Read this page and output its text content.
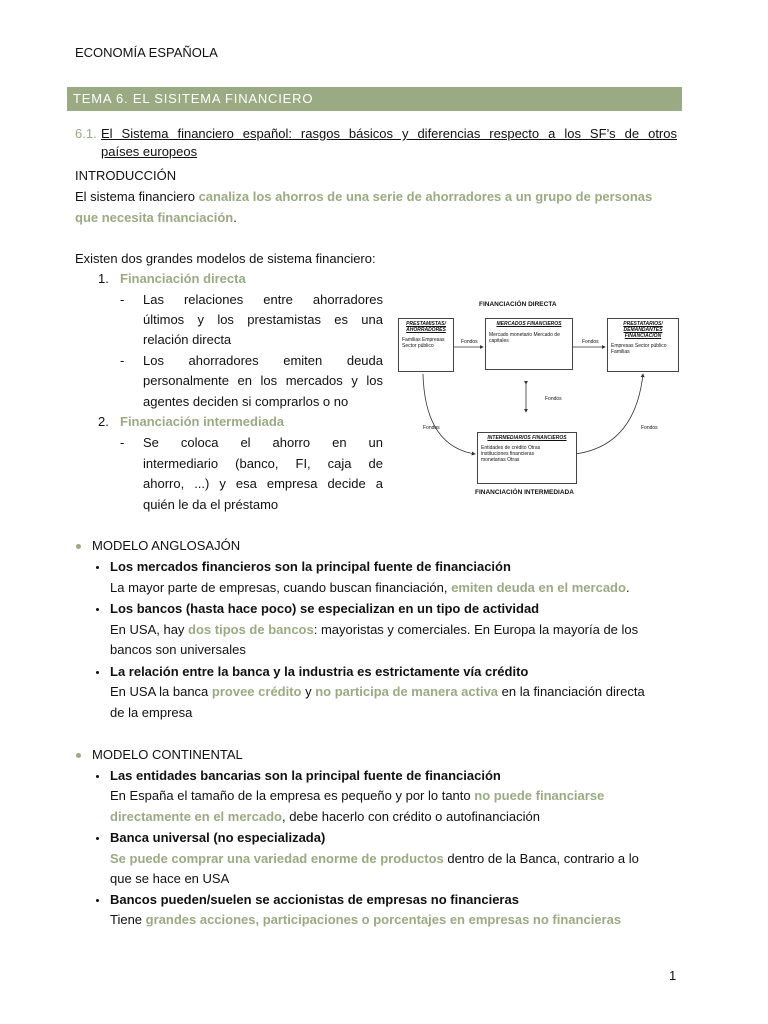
ECONOMÍA ESPAÑOLA
TEMA 6. EL SISITEMA FINANCIERO
6.1. El Sistema financiero español: rasgos básicos y diferencias respecto a los SF’s de otros
países europeos
INTRODUCCIÓN
El sistema financiero canaliza los ahorros de una serie de ahorradores a un grupo de personas
que necesita financiación.
Existen dos grandes modelos de sistema financiero:
1. Financiación directa
- Las relaciones entre ahorradores
últimos y los prestamistas es una
relación directa
- Los ahorradores emiten deuda
personalmente en los mercados y los
agentes deciden si comprarlos o no
2. Financiación intermediada
- Se coloca el ahorro en un
intermediario (banco, FI, caja de
ahorro, ...) y esa empresa decide a
quién le da el préstamo
FINANCIACIÓN DIRECTA
PRESTAMISTAS/ AHORRADORES
Familias Empresas Sector público
MERCADOS FINANCIEROS
Mercado monetario Mercado de capitales
PRESTATARIOS/ DEMANDANTES FINANCIACIÓN
Empresas Sector público Familias
INTERMEDIARIOS FINANCIEROS
Entidades de crédito Otras instituciones financieras monetarias Otras
Fondos	Fondos
Fondos
Fondos	Fondos
FINANCIACIÓN INTERMEDIADA
MODELO ANGLOSAJÓN
Los mercados financieros son la principal fuente de financiación
La mayor parte de empresas, cuando buscan financiación, emiten deuda en el mercado.
Los bancos (hasta hace poco) se especializan en un tipo de actividad
En USA, hay dos tipos de bancos: mayoristas y comerciales. En Europa la mayoría de los
bancos son universales
La relación entre la banca y la industria es estrictamente vía crédito
En USA la banca provee crédito y no participa de manera activa en la financiación directa
de la empresa
MODELO CONTINENTAL
Las entidades bancarias son la principal fuente de financiación
En España el tamaño de la empresa es pequeño y por lo tanto no puede financiarse
directamente en el mercado, debe hacerlo con crédito o autofinanciación
Banca universal (no especializada)
Se puede comprar una variedad enorme de productos dentro de la Banca, contrario a lo
que se hace en USA
Bancos pueden/suelen se accionistas de empresas no financieras
Tiene grandes acciones, participaciones o porcentajes en empresas no financieras
1
